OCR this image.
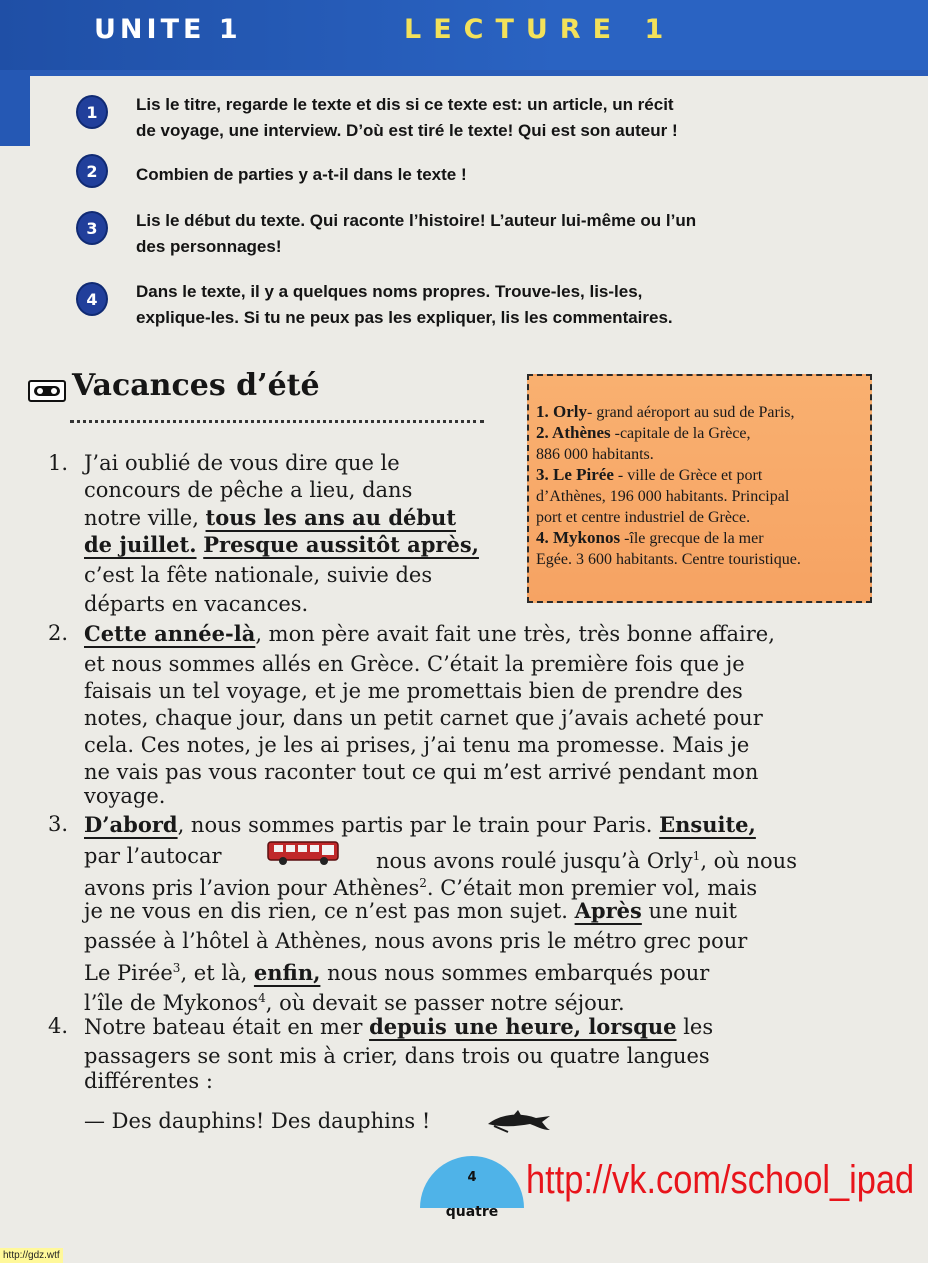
UNITE 1	LECTURE 1
1	Lis le titre, regarde le texte et dis si ce texte est: un article, un récit
de voyage, une interview. D’où est tiré le texte! Qui est son auteur !
2	Combien de parties y a-t-il dans le texte !
3	Lis le début du texte. Qui raconte l’histoire! L’auteur lui-même ou l’un
des personnages!
4	Dans le texte, il y a quelques noms propres. Trouve-les, lis-les,
explique-les. Si tu ne peux pas les expliquer, lis les commentaires.
Vacances d’été
1. Orly- grand aéroport au sud de Paris,
2. Athènes -capitale de la Grèce,
886 000 habitants.
3. Le Pirée - ville de Grèce et port
d’Athènes, 196 000 habitants. Principal
port et centre industriel de Grèce.
4. Mykonos -île grecque de la mer
Egée. 3 600 habitants. Centre touristique.
1. J’ai oublié de vous dire que le
concours de pêche a lieu, dans
notre ville, tous les ans au début
de juillet. Presque aussitôt après,
c’est la fête nationale, suivie des
départs en vacances.
2. Cette année-là, mon père avait fait une très, très bonne affaire,
et nous sommes allés en Grèce. C’était la première fois que je
faisais un tel voyage, et je me promettais bien de prendre des
notes, chaque jour, dans un petit carnet que j’avais acheté pour
cela. Ces notes, je les ai prises, j’ai tenu ma promesse. Mais je
ne vais pas vous raconter tout ce qui m’est arrivé pendant mon
voyage.
3. D’abord, nous sommes partis par le train pour Paris. Ensuite,
par l’autocar	nous avons roulé jusqu’à Orly$^1$, où nous
avons pris l’avion pour Athènes$^2$. C’était mon premier vol, mais
je ne vous en dis rien, ce n’est pas mon sujet. Après une nuit
passée à l’hôtel à Athènes, nous avons pris le métro grec pour
Le Pirée$^3$, et là, enfin, nous nous sommes embarqués pour
l’île de Mykonos$^4$, où devait se passer notre séjour.
4. Notre bateau était en mer depuis une heure, lorsque les
passagers se sont mis à crier, dans trois ou quatre langues
différentes :
— Des dauphins! Des dauphins !
4
quatre
http://vk.com/school_ipad
http://gdz.wtf
